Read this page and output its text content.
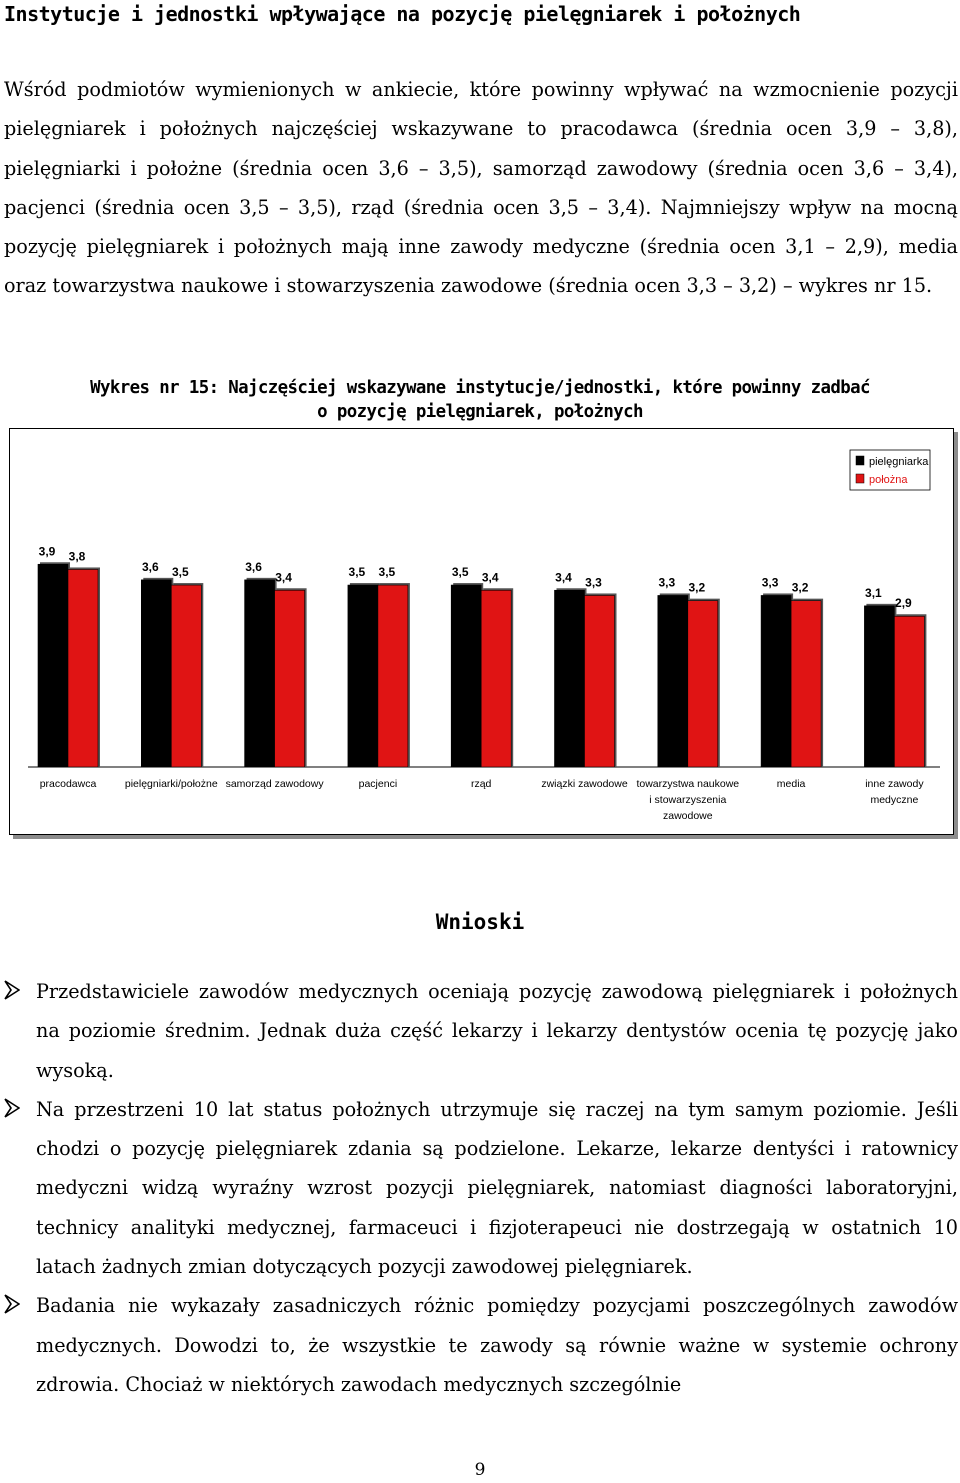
Instytucje i jednostki wpływające na pozycję pielęgniarek i położnych
Wśród podmiotów wymienionych w ankiecie, które powinny wpływać na wzmocnienie pozycji pielęgniarek i położnych najczęściej wskazywane to pracodawca (średnia ocen 3,9 – 3,8), pielęgniarki i położne (średnia ocen 3,6 – 3,5), samorząd zawodowy (średnia ocen 3,6 – 3,4), pacjenci (średnia ocen 3,5 – 3,5), rząd (średnia ocen 3,5 – 3,4). Najmniejszy wpływ na mocną pozycję pielęgniarek i położnych mają inne zawody medyczne (średnia ocen 3,1 – 2,9), media oraz towarzystwa naukowe i stowarzyszenia zawodowe (średnia ocen 3,3 – 3,2) – wykres nr 15.
Wykres nr 15: Najczęściej wskazywane instytucje/jednostki, które powinny zadbać
o pozycję pielęgniarek, położnych
3,9
3,6	3,6	3,5	3,5	3,4	3,3	3,3
3,1
3,8
3,5	3,4	3,5	3,4	3,3	3,2	3,2
2,9
pracodawca	pielęgniarki/położne samorząd zawodowy	pacjenci	rząd	związki zawodowe towarzystwa naukowe
i stowarzyszenia
zawodowe
media	inne zawody
medyczne
pielęgniarka
położna
Wnioski
Przedstawiciele zawodów medycznych oceniają pozycję zawodową pielęgniarek i położnych na poziomie średnim. Jednak duża część lekarzy i lekarzy dentystów ocenia tę pozycję jako wysoką.
Na przestrzeni 10 lat status położnych utrzymuje się raczej na tym samym poziomie. Jeśli chodzi o pozycję pielęgniarek zdania są podzielone. Lekarze, lekarze dentyści i ratownicy medyczni widzą wyraźny wzrost pozycji pielęgniarek, natomiast diagności laboratoryjni, technicy analityki medycznej, farmaceuci i fizjoterapeuci nie dostrzegają w ostatnich 10 latach żadnych zmian dotyczących pozycji zawodowej pielęgniarek.
Badania nie wykazały zasadniczych różnic pomiędzy pozycjami poszczególnych zawodów medycznych. Dowodzi to, że wszystkie te zawody są równie ważne w systemie ochrony zdrowia. Chociaż w niektórych zawodach medycznych szczególnie
9
